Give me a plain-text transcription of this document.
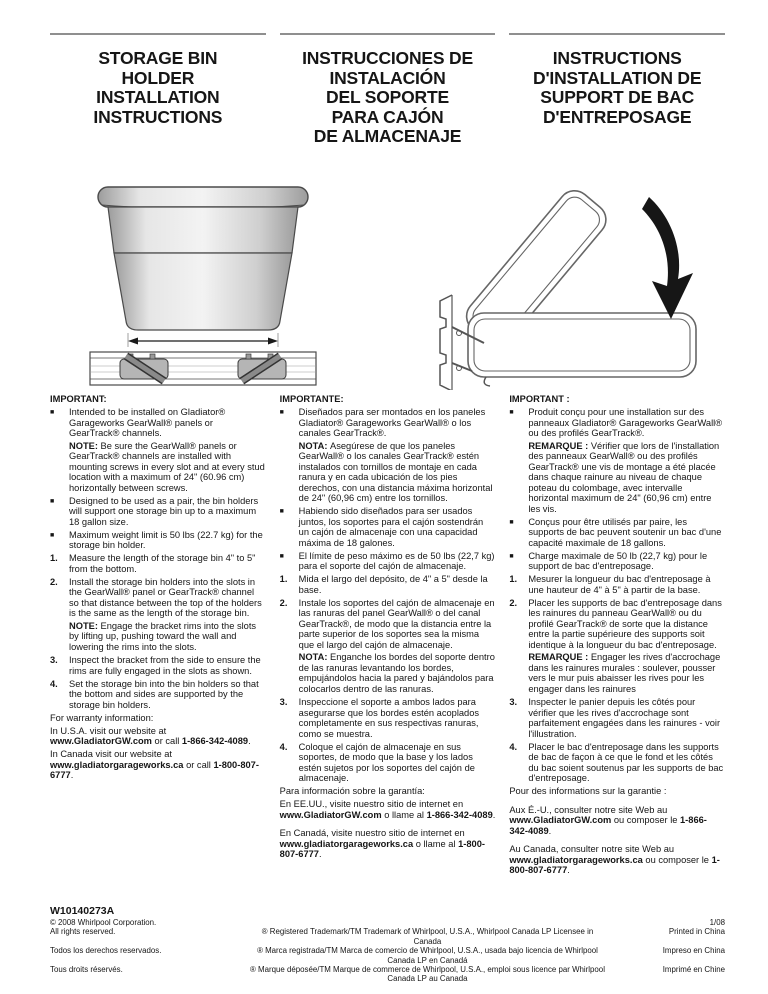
STORAGE BIN
HOLDER
INSTALLATION
INSTRUCTIONS
INSTRUCCIONES DE
INSTALACIÓN
DEL SOPORTE
PARA CAJÓN
DE ALMACENAJE
INSTRUCTIONS
D'INSTALLATION DE
SUPPORT DE BAC
D'ENTREPOSAGE
IMPORTANT:
■	Intended to be installed on Gladiator® Garageworks GearWall® panels or GearTrack® channels.
NOTE: Be sure the GearWall® panels or GearTrack® channels are installed with mounting screws in every slot and at every stud location with a maximum of 24" (60.96 cm) horizontally between screws.
■	Designed to be used as a pair, the bin holders will support one storage bin up to a maximum 18 gallon size.
■	Maximum weight limit is 50 lbs (22.7 kg) for the storage bin holder.
1.	Measure the length of the storage bin 4" to 5" from the bottom.
2.	Install the storage bin holders into the slots in the GearWall® panel or GearTrack® channel so that distance between the top of the holders is the same as the length of the storage bin.
NOTE: Engage the bracket rims into the slots by lifting up, pushing toward the wall and lowering the rims into the slots.
3.	Inspect the bracket from the side to ensure the rims are fully engaged in the slots as shown.
4.	Set the storage bin into the bin holders so that the bottom and sides are supported by the storage bin holders.
For warranty information:
In U.S.A. visit our website at www.GladiatorGW.com or call 1-866-342-4089.
In Canada visit our website at www.gladiatorgarageworks.ca or call 1-800-807-6777.
IMPORTANTE:
■	Diseñados para ser montados en los paneles Gladiator® Garageworks GearWall® o los canales GearTrack®.
NOTA: Asegúrese de que los paneles GearWall® o los canales GearTrack® estén instalados con tornillos de montaje en cada ranura y en cada ubicación de los pies derechos, con una distancia máxima horizontal de 24" (60,96 cm) entre los tornillos.
■	Habiendo sido diseñados para ser usados juntos, los soportes para el cajón sostendrán un cajón de almacenaje con una capacidad máxima de 18 galones.
■	El límite de peso máximo es de 50 lbs (22,7 kg) para el soporte del cajón de almacenaje.
1.	Mida el largo del depósito, de 4" a 5" desde la base.
2.	Instale los soportes del cajón de almacenaje en las ranuras del panel GearWall® o del canal GearTrack®, de modo que la distancia entre la parte superior de los soportes sea la misma que el largo del cajón de almacenaje.
NOTA: Enganche los bordes del soporte dentro de las ranuras levantando los bordes, empujándolos hacia la pared y bajándolos para colocarlos dentro de las ranuras.
3.	Inspeccione el soporte a ambos lados para asegurarse que los bordes estén acoplados completamente en sus respectivas ranuras, como se muestra.
4.	Coloque el cajón de almacenaje en sus soportes, de modo que la base y los lados estén sujetos por los soportes del cajón de almacenaje.
Para información sobre la garantía:
En EE.UU., visite nuestro sitio de internet en www.GladiatorGW.com o llame al 1-866-342-4089.
En Canadá, visite nuestro sitio de internet en www.gladiatorgarageworks.ca o llame al 1-800-807-6777.
IMPORTANT :
■	Produit conçu pour une installation sur des panneaux Gladiator® Garageworks GearWall® ou des profilés GearTrack®.
REMARQUE : Vérifier que lors de l'installation des panneaux GearWall® ou des profilés GearTrack® une vis de montage a été placée dans chaque rainure au niveau de chaque poteau du colombage, avec intervalle horizontal maximum de 24" (60,96 cm) entre les vis.
■	Conçus pour être utilisés par paire, les supports de bac peuvent soutenir un bac d'une capacité maximale de 18 gallons.
■	Charge maximale de 50 lb (22,7 kg) pour le support de bac d'entreposage.
1.	Mesurer la longueur du bac d'entreposage à une hauteur de 4" à 5" à partir de la base.
2.	Placer les supports de bac d'entreposage dans les rainures du panneau GearWall® ou du profilé GearTrack® de sorte que la distance entre la partie supérieure des supports soit identique à la longueur du bac d'entreposage.
REMARQUE : Engager les rives d'accrochage dans les rainures murales : soulever, pousser vers le mur puis abaisser les rives pour les engager dans les rainures
3.	Inspecter le panier depuis les côtés pour vérifier que les rives d'accrochage sont parfaitement engagées dans les rainures - voir l'illustration.
4.	Placer le bac d'entreposage dans les supports de bac de façon à ce que le fond et les côtés du bac soient soutenus par les supports de bac d'entreposage.
Pour des informations sur la garantie :
Aux É.-U., consulter notre site Web au www.GladiatorGW.com ou composer le 1-866-342-4089.
Au Canada, consulter notre site Web au www.gladiatorgarageworks.ca ou composer le 1-800-807-6777.
W10140273A
© 2008 Whirlpool Corporation.	1/08
All rights reserved.	® Registered Trademark/TM Trademark of Whirlpool, U.S.A., Whirlpool Canada LP Licensee in Canada
Printed in China
Todos los derechos reservados.	® Marca registrada/TM Marca de comercio de Whirlpool, U.S.A., usada bajo licencia de Whirlpool Canada LP en Canadá
Impreso en China
Tous droits réservés.	® Marque déposée/TM Marque de commerce de Whirlpool, U.S.A., emploi sous licence par Whirlpool Canada LP au Canada
Imprimé en Chine
